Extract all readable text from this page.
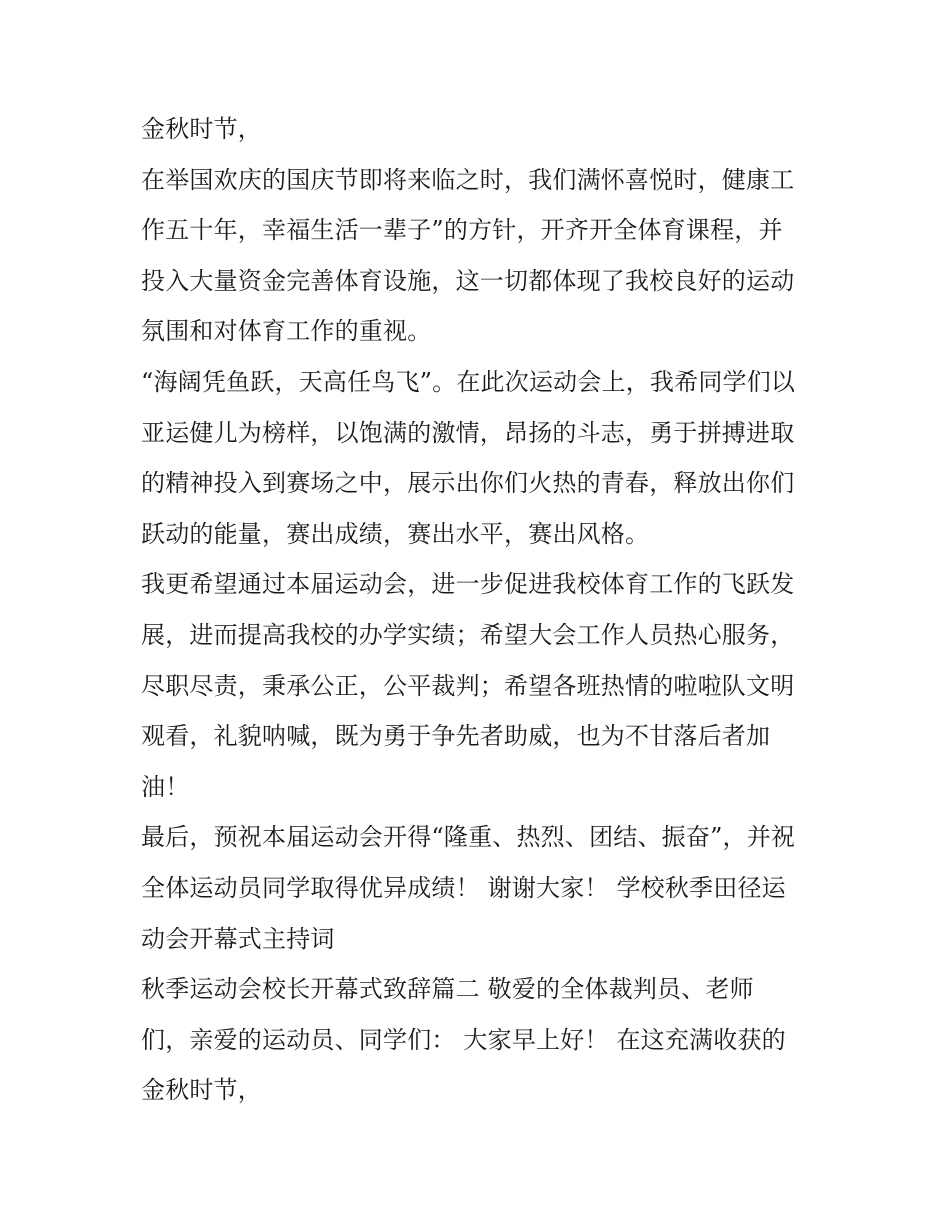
金秋时节，
在举国欢庆的国庆节即将来临之时，我们满怀喜悦时，健康工
作五十年，幸福生活一辈子”的方针，开齐开全体育课程，并
投入大量资金完善体育设施，这一切都体现了我校良好的运动
氛围和对体育工作的重视。
“海阔凭鱼跃，天高任鸟飞”。在此次运动会上，我希同学们以
亚运健儿为榜样，以饱满的激情，昂扬的斗志，勇于拼搏进取
的精神投入到赛场之中，展示出你们火热的青春，释放出你们
跃动的能量，赛出成绩，赛出水平，赛出风格。
我更希望通过本届运动会，进一步促进我校体育工作的飞跃发
展，进而提高我校的办学实绩；希望大会工作人员热心服务，
尽职尽责，秉承公正，公平裁判；希望各班热情的啦啦队文明
观看，礼貌呐喊，既为勇于争先者助威，也为不甘落后者加
油！
最后，预祝本届运动会开得“隆重、热烈、团结、振奋”，并祝
全体运动员同学取得优异成绩！ 谢谢大家！ 学校秋季田径运
动会开幕式主持词
秋季运动会校长开幕式致辞篇二 敬爱的全体裁判员、老师
们，亲爱的运动员、同学们： 大家早上好！ 在这充满收获的
金秋时节，
